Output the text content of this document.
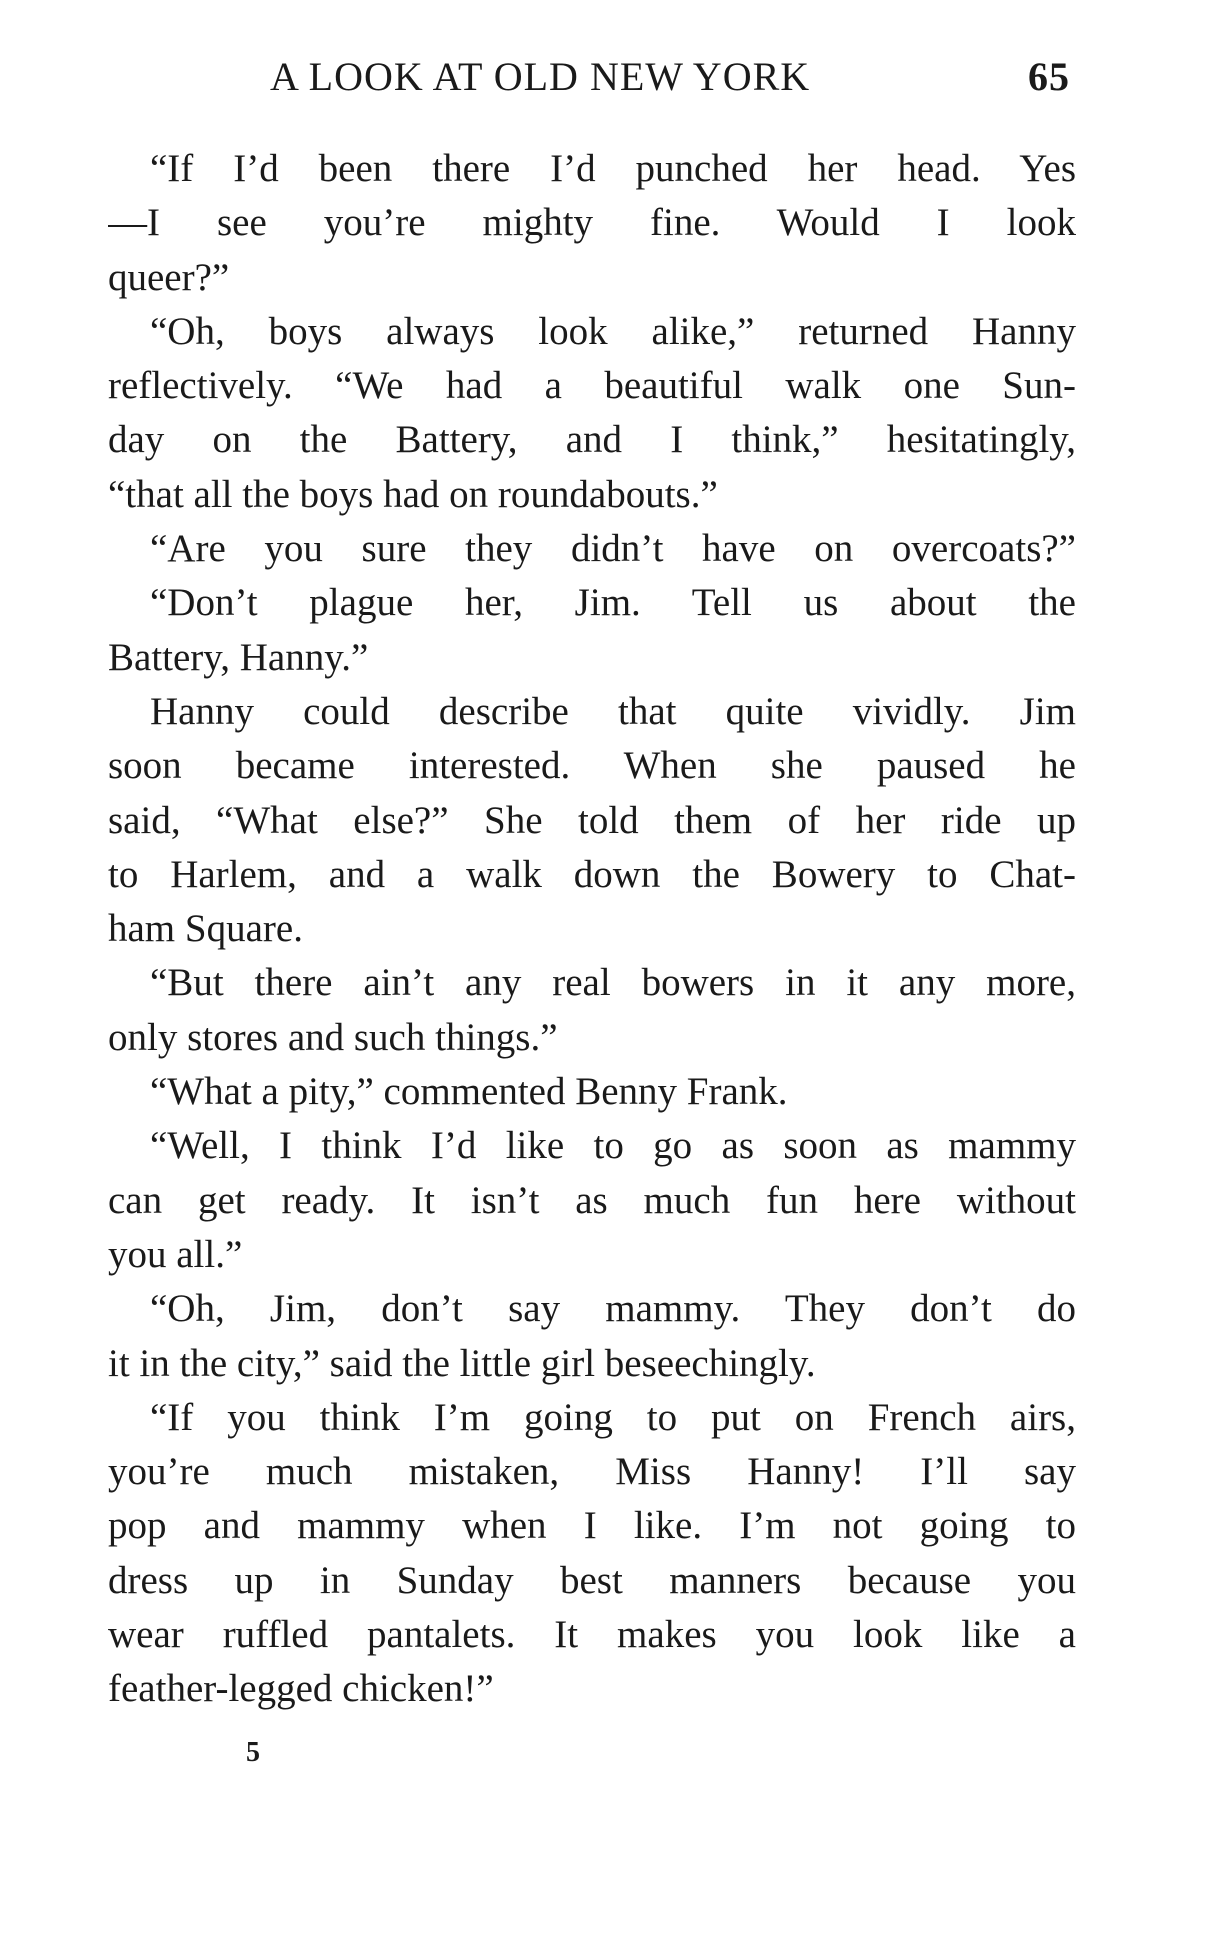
A LOOK AT OLD NEW YORK	65
“If I’d been there I’d punched her head. Yes
—I see you’re mighty fine. Would I look
queer?”
“Oh, boys always look alike,” returned Hanny
reflectively. “We had a beautiful walk one Sun-
day on the Battery, and I think,” hesitatingly,
“that all the boys had on roundabouts.”
“Are you sure they didn’t have on overcoats?”
“Don’t plague her, Jim. Tell us about the
Battery, Hanny.”
Hanny could describe that quite vividly. Jim
soon became interested. When she paused he
said, “What else?” She told them of her ride up
to Harlem, and a walk down the Bowery to Chat-
ham Square.
“But there ain’t any real bowers in it any more,
only stores and such things.”
“What a pity,” commented Benny Frank.
“Well, I think I’d like to go as soon as mammy
can get ready. It isn’t as much fun here without
you all.”
“Oh, Jim, don’t say mammy. They don’t do
it in the city,” said the little girl beseechingly.
“If you think I’m going to put on French airs,
you’re much mistaken, Miss Hanny! I’ll say
pop and mammy when I like. I’m not going to
dress up in Sunday best manners because you
wear ruffled pantalets. It makes you look like a
feather-legged chicken!”
5
